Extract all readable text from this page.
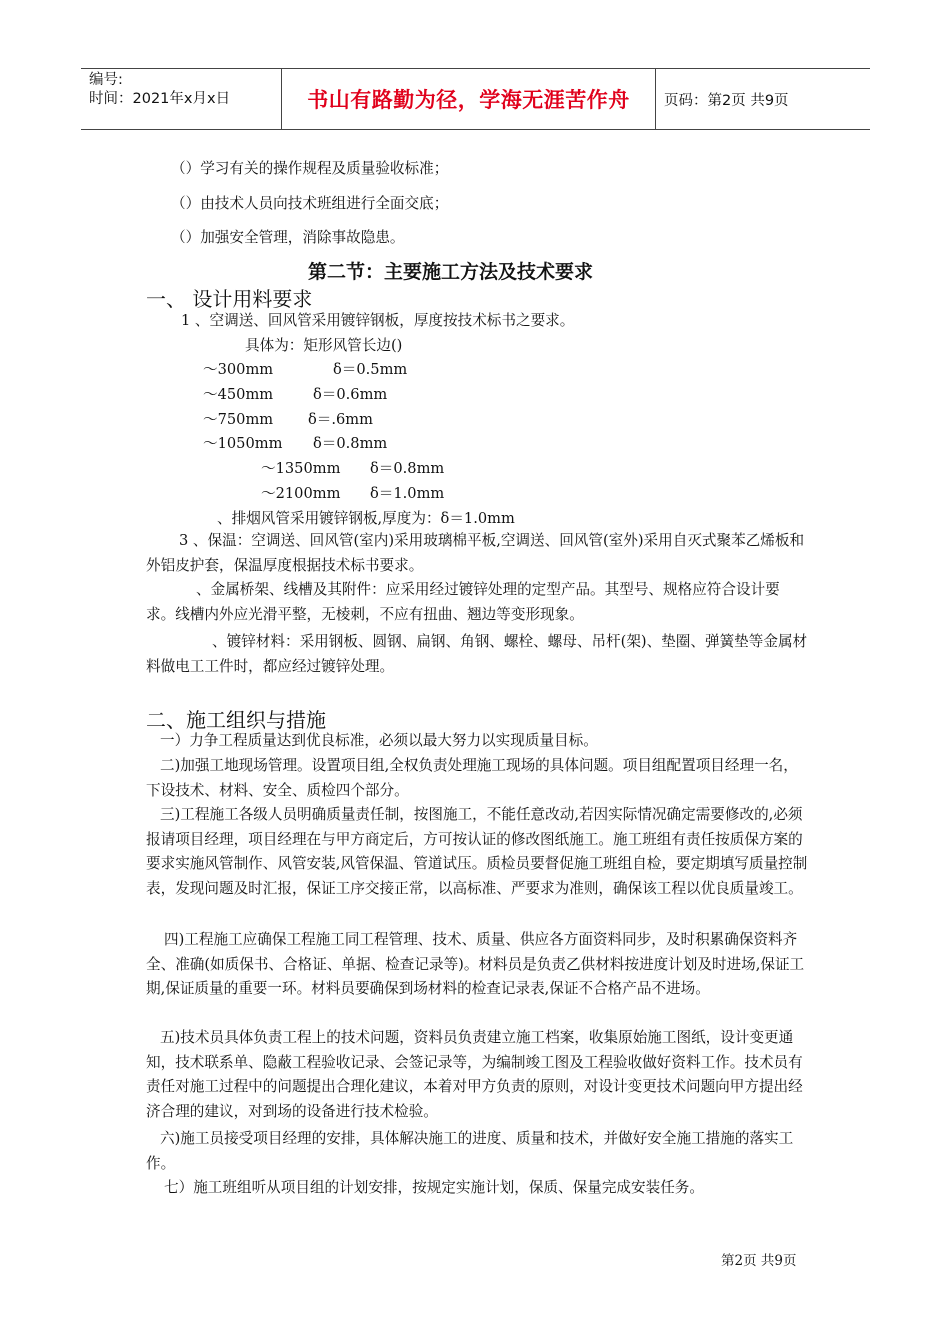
编号:
时间：2021年x月x日	书山有路勤为径，学海无涯苦作舟	页码：第2页 共9页
（）学习有关的操作规程及质量验收标准；
（）由技术人员向技术班组进行全面交底；
（）加强安全管理，消除事故隐患。
第二节：主要施工方法及技术要求
一、 设计用料要求
1 、空调送、回风管采用镀锌钢板，厚度按技术标书之要求。
具体为：矩形风管长边()
～300mm	δ＝0.5mm
～450mm	δ＝0.6mm
～750mm δ＝.6mm
～1050mm δ＝0.8mm
～1350mm δ＝0.8mm
～2100mm δ＝1.0mm
、排烟风管采用镀锌钢板,厚度为：δ＝1.0mm
3 、保温：空调送、回风管(室内)采用玻璃棉平板,空调送、回风管(室外)采用自灭式聚苯乙烯板和外铝皮护套，保温厚度根据技术标书要求。
、金属桥架、线槽及其附件：应采用经过镀锌处理的定型产品。其型号、规格应符合设计要求。线槽内外应光滑平整，无棱刺，不应有扭曲、翘边等变形现象。
、镀锌材料：采用钢板、圆钢、扁钢、角钢、螺栓、螺母、吊杆(架)、垫圈、弹簧垫等金属材料做电工工件时，都应经过镀锌处理。
二、施工组织与措施
一）力争工程质量达到优良标准，必须以最大努力以实现质量目标。
二)加强工地现场管理。设置项目组,全权负责处理施工现场的具体问题。项目组配置项目经理一名，下设技术、材料、安全、质检四个部分。
三)工程施工各级人员明确质量责任制，按图施工，不能任意改动,若因实际情况确定需要修改的,必须报请项目经理，项目经理在与甲方商定后，方可按认证的修改图纸施工。施工班组有责任按质保方案的要求实施风管制作、风管安装,风管保温、管道试压。质检员要督促施工班组自检，要定期填写质量控制表，发现问题及时汇报，保证工序交接正常，以高标准、严要求为准则，确保该工程以优良质量竣工。
四)工程施工应确保工程施工同工程管理、技术、质量、供应各方面资料同步，及时积累确保资料齐全、准确(如质保书、合格证、单据、检查记录等)。材料员是负责乙供材料按进度计划及时进场,保证工期,保证质量的重要一环。材料员要确保到场材料的检查记录表,保证不合格产品不进场。
五)技术员具体负责工程上的技术问题，资料员负责建立施工档案，收集原始施工图纸，设计变更通知，技术联系单、隐蔽工程验收记录、会签记录等，为编制竣工图及工程验收做好资料工作。技术员有责任对施工过程中的问题提出合理化建议，本着对甲方负责的原则，对设计变更技术问题向甲方提出经济合理的建议，对到场的设备进行技术检验。
六)施工员接受项目经理的安排，具体解决施工的进度、质量和技术，并做好安全施工措施的落实工作。
七）施工班组听从项目组的计划安排，按规定实施计划，保质、保量完成安装任务。
第2页 共9页
